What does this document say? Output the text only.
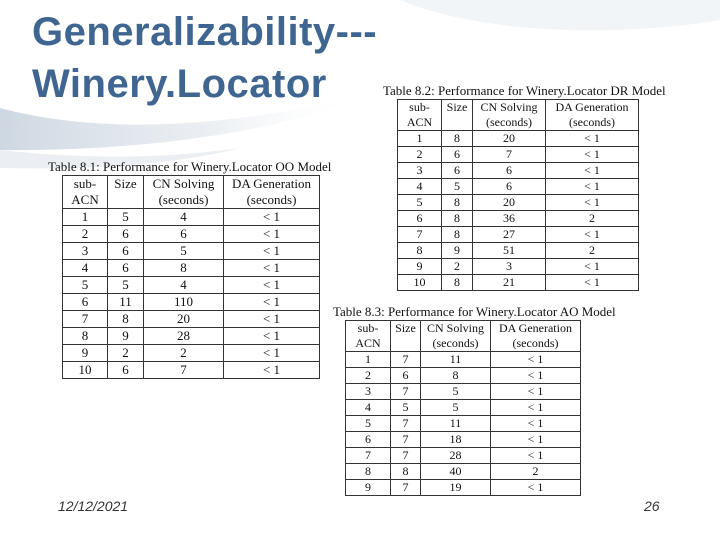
Generalizability---
Winery.Locator
Table 8.1: Performance for Winery.Locator OO Model
sub-	Size	CN Solving	DA Generation
ACN		(seconds)	(seconds)
1	5	4	< 1
2	6	6	< 1
3	6	5	< 1
4	6	8	< 1
5	5	4	< 1
6	11	110	< 1
7	8	20	< 1
8	9	28	< 1
9	2	2	< 1
10	6	7	< 1
Table 8.2: Performance for Winery.Locator DR Model
sub-	Size	CN Solving	DA Generation
ACN		(seconds)	(seconds)
1	8	20	< 1
2	6	7	< 1
3	6	6	< 1
4	5	6	< 1
5	8	20	< 1
6	8	36	2
7	8	27	< 1
8	9	51	2
9	2	3	< 1
10	8	21	< 1
Table 8.3: Performance for Winery.Locator AO Model
sub-	Size	CN Solving	DA Generation
ACN		(seconds)	(seconds)
1	7	11	< 1
2	6	8	< 1
3	7	5	< 1
4	5	5	< 1
5	7	11	< 1
6	7	18	< 1
7	7	28	< 1
8	8	40	2
9	7	19	< 1
12/12/2021	26
